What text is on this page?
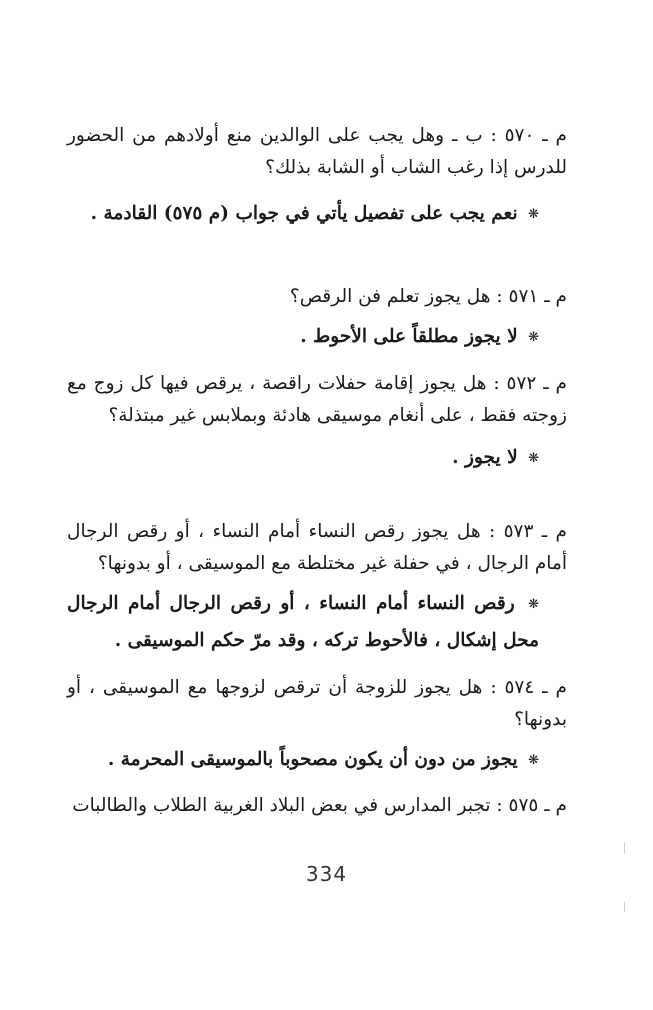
م ـ ٥٧٠ : ب ـ وهل يجب على الوالدين منع أولادهم من الحضور للدرس إذا رغب الشاب أو الشابة بذلك؟
❋ نعم يجب على تفصيل يأتي في جواب (م ٥٧٥) القادمة .
م ـ ٥٧١ : هل يجوز تعلم فن الرقص؟
❋ لا يجوز مطلقاً على الأحوط .
م ـ ٥٧٢ : هل يجوز إقامة حفلات راقصة ، يرقص فيها كل زوج مع زوجته فقط ، على أنغام موسيقى هادئة وبملابس غير مبتذلة؟
❋ لا يجوز .
م ـ ٥٧٣ : هل يجوز رقص النساء أمام النساء ، أو رقص الرجال أمام الرجال ، في حفلة غير مختلطة مع الموسيقى ، أو بدونها؟
❋ رقص النساء أمام النساء ، أو رقص الرجال أمام الرجال محل إشكال ، فالأحوط تركه ، وقد مرّ حكم الموسيقى .
م ـ ٥٧٤ : هل يجوز للزوجة أن ترقص لزوجها مع الموسيقى ، أو بدونها؟
❋ يجوز من دون أن يكون مصحوباً بالموسيقى المحرمة .
م ـ ٥٧٥ : تجبر المدارس في بعض البلاد الغربية الطلاب والطالبات
334
